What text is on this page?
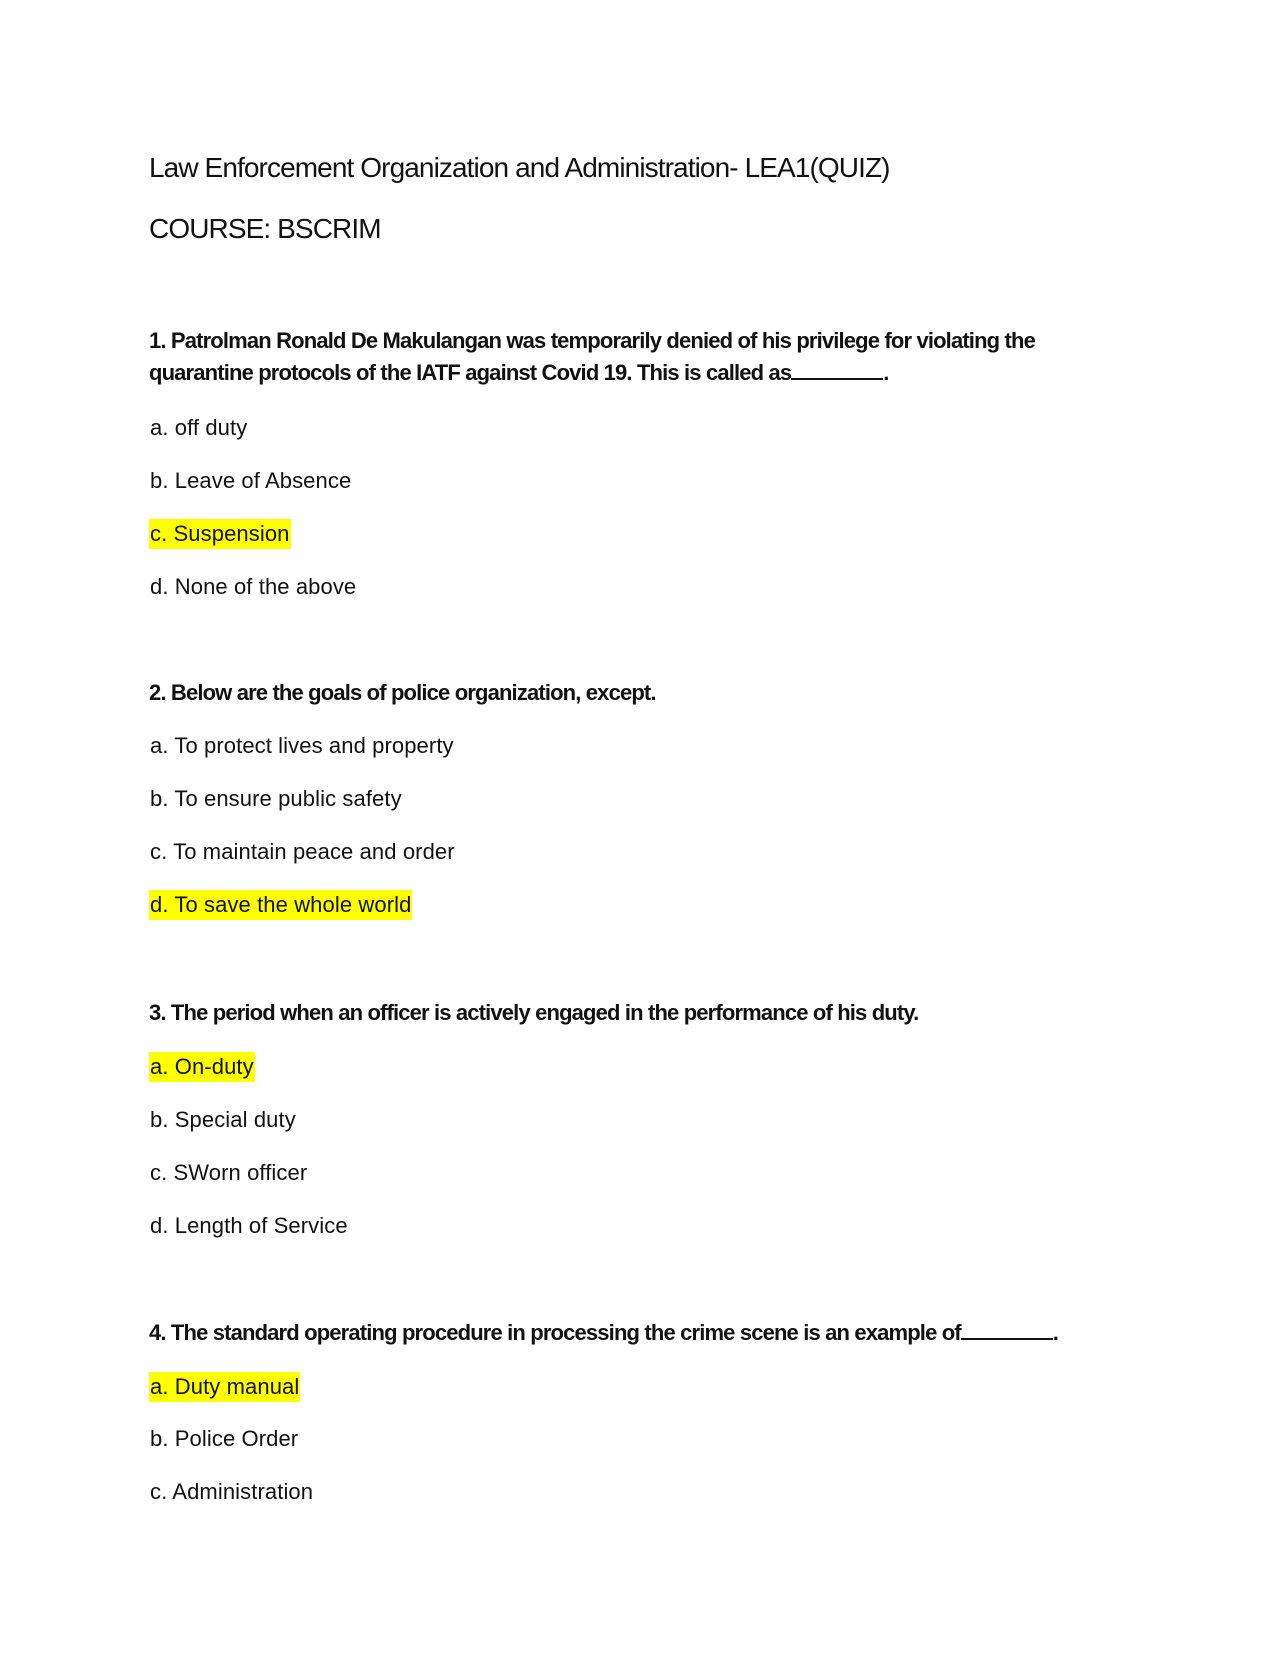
Law Enforcement Organization and Administration- LEA1(QUIZ)
COURSE: BSCRIM
1. Patrolman Ronald De Makulangan was temporarily denied of his privilege for violating the
quarantine protocols of the IATF against Covid 19. This is called as	.
a. off duty
b. Leave of Absence
c. Suspension
d. None of the above
2. Below are the goals of police organization, except.
a. To protect lives and property
b. To ensure public safety
c. To maintain peace and order
d. To save the whole world
3. The period when an officer is actively engaged in the performance of his duty.
a. On-duty
b. Special duty
c. SWorn officer
d. Length of Service
4. The standard operating procedure in processing the crime scene is an example of	.
a. Duty manual
b. Police Order
c. Administration
